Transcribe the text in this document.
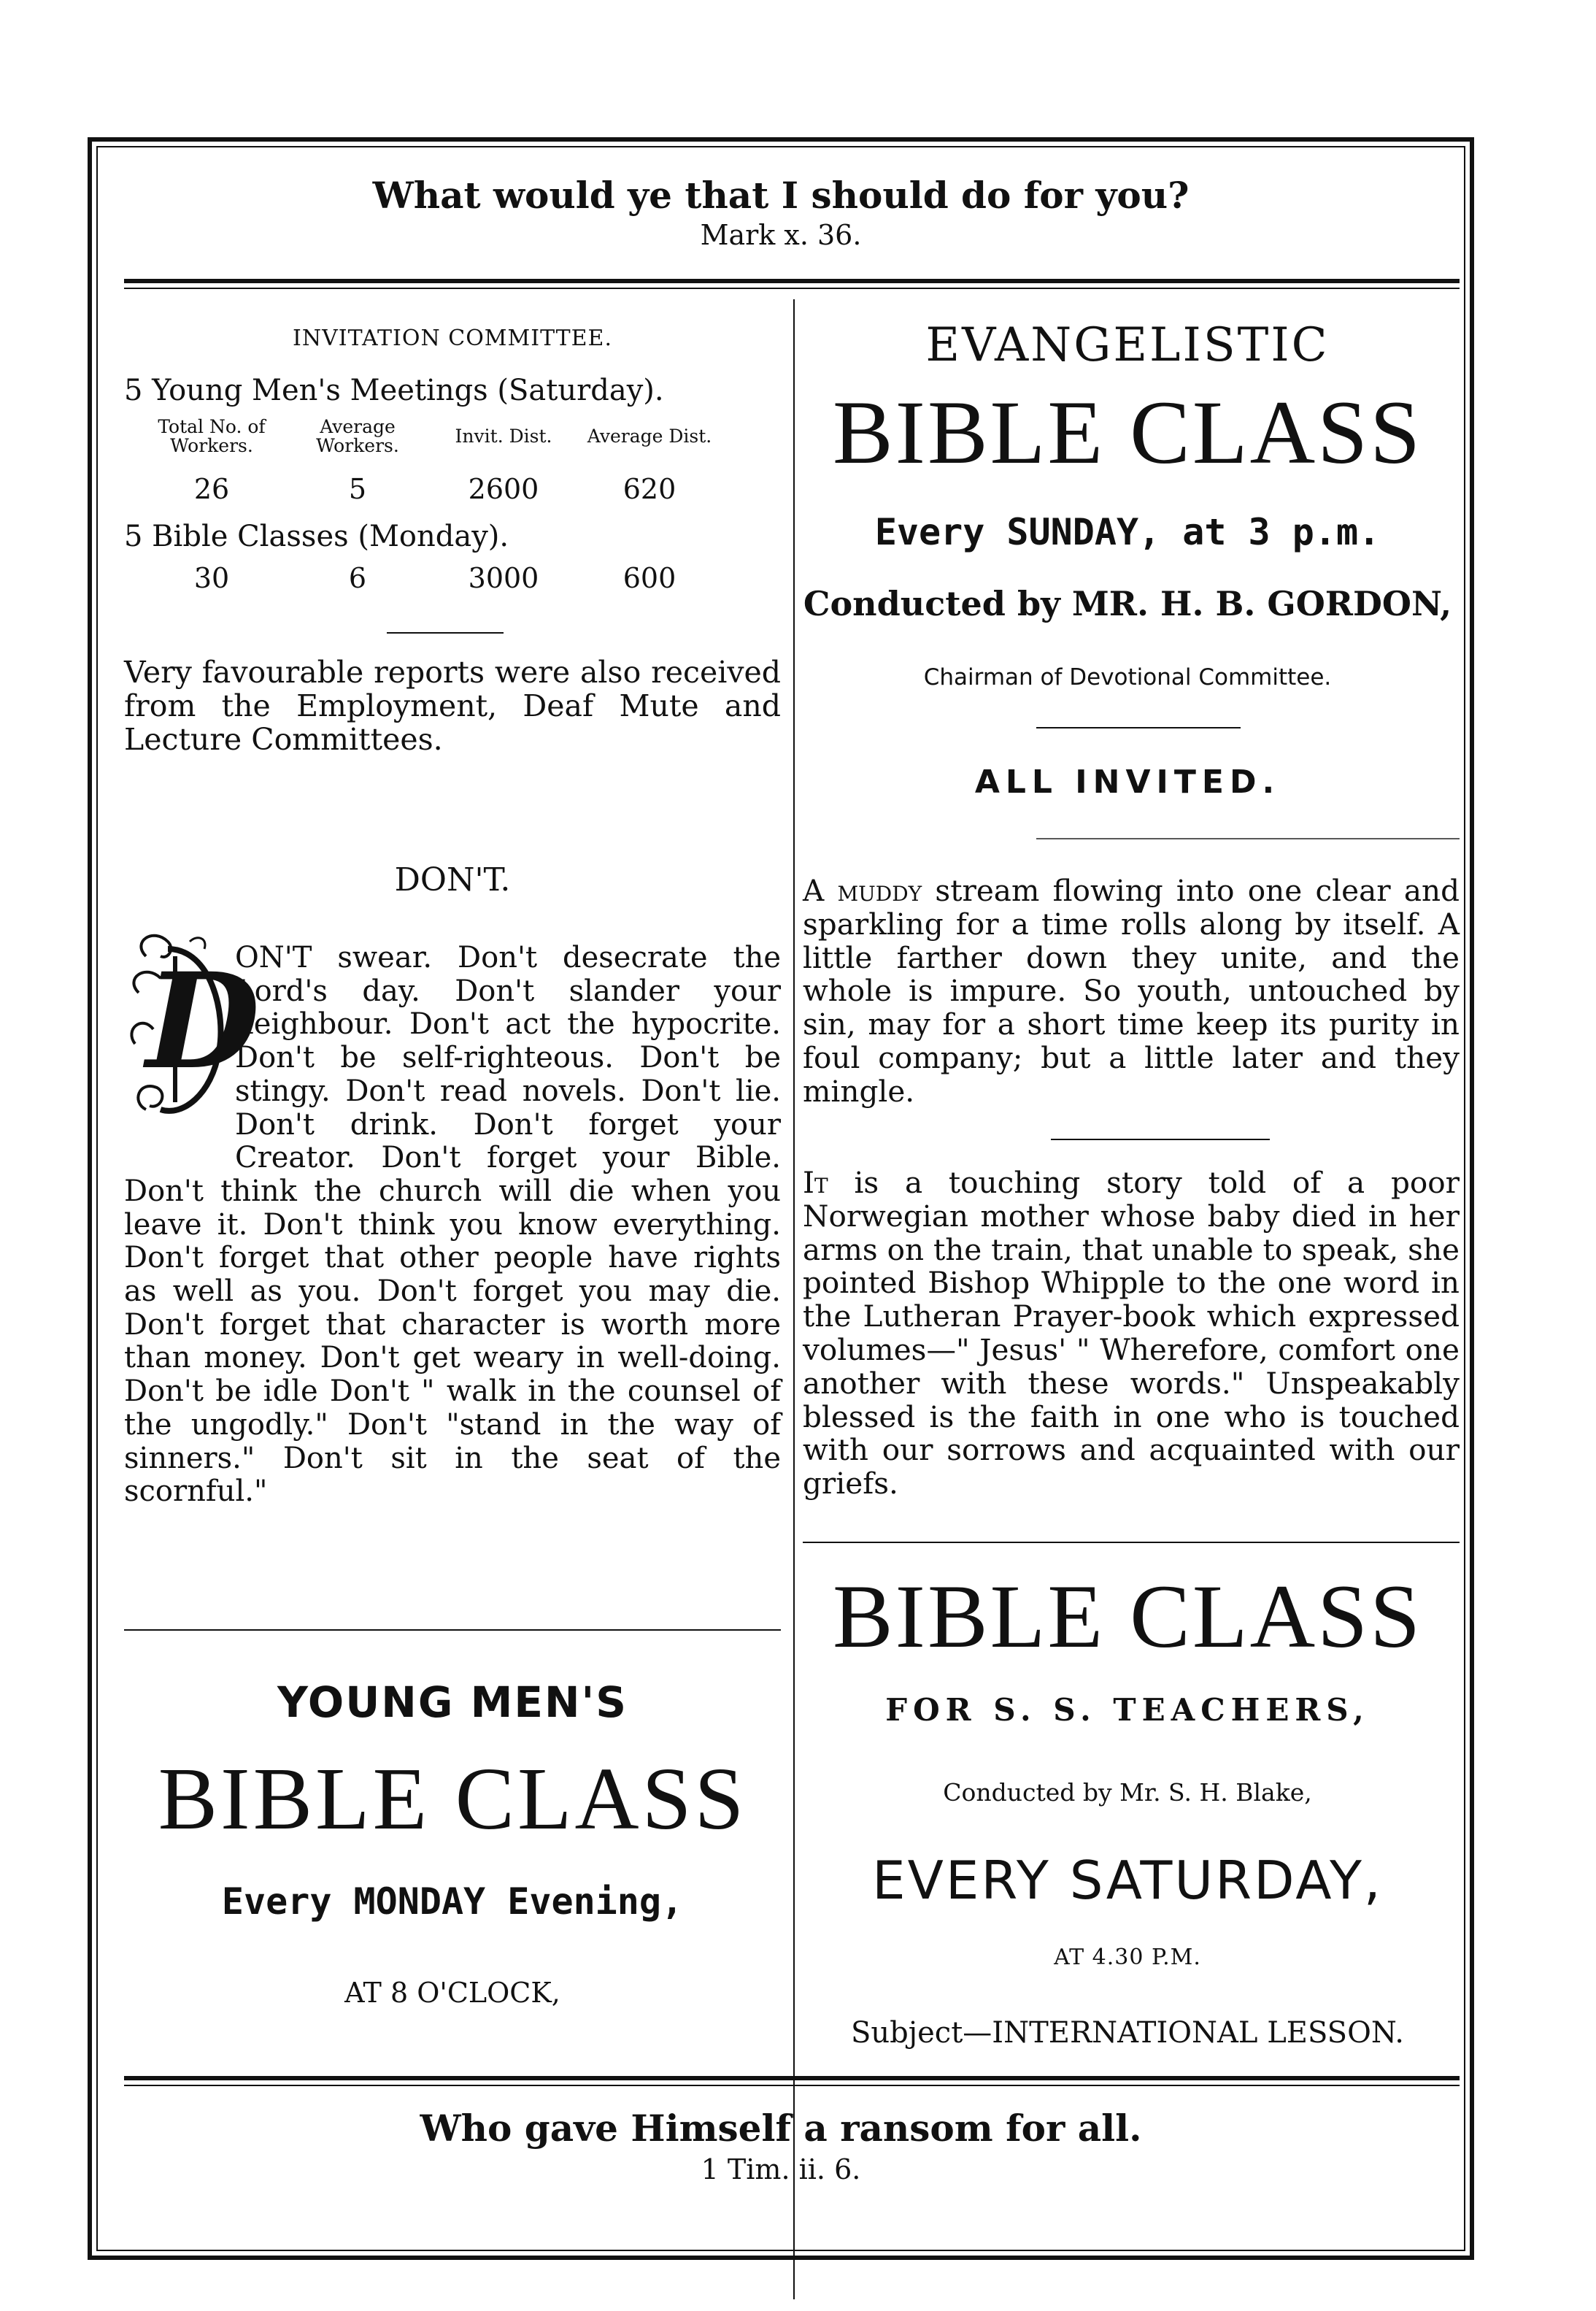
What would ye that I should do for you?
Mark x. 36.
INVITATION COMMITTEE.
5 Young Men's Meetings (Saturday).
Total No. of Workers.	Average Workers.	Invit. Dist.	Average Dist.
26	5	2600	620
5 Bible Classes (Monday).
30	6	3000	600
Very favourable reports were also received from the Employment, Deaf Mute and Lecture Committees.
DON'T.
D
ON'T swear. Don't desecrate the Lord's day. Don't slander your neighbour. Don't act the hypocrite. Don't be self-righteous. Don't be stingy. Don't read novels. Don't lie. Don't drink. Don't forget your Creator. Don't forget your Bible. Don't think the church will die when you leave it. Don't think you know everything. Don't forget that other people have rights as well as you. Don't forget you may die. Don't forget that character is worth more than money. Don't get weary in well-doing. Don't be idle Don't " walk in the counsel of the ungodly." Don't "stand in the way of sinners." Don't sit in the seat of the scornful."
YOUNG MEN'S
BIBLE CLASS
Every MONDAY Evening,
AT 8 O'CLOCK,
EVANGELISTIC
BIBLE CLASS
Every SUNDAY, at 3 p.m.
Conducted by MR. H. B. GORDON,
Chairman of Devotional Committee.
ALL INVITED.
A muddy stream flowing into one clear and sparkling for a time rolls along by itself. A little farther down they unite, and the whole is impure. So youth, untouched by sin, may for a short time keep its purity in foul company; but a little later and they mingle.
It is a touching story told of a poor Norwegian mother whose baby died in her arms on the train, that unable to speak, she pointed Bishop Whipple to the one word in the Lutheran Prayer-book which expressed volumes—" Jesus' " Wherefore, comfort one another with these words." Unspeakably blessed is the faith in one who is touched with our sorrows and acquainted with our griefs.
BIBLE CLASS
FOR S. S. TEACHERS,
Conducted by Mr. S. H. Blake,
EVERY SATURDAY,
AT 4.30 P.M.
Subject—INTERNATIONAL LESSON.
Who gave Himself a ransom for all.
1 Tim. ii. 6.
